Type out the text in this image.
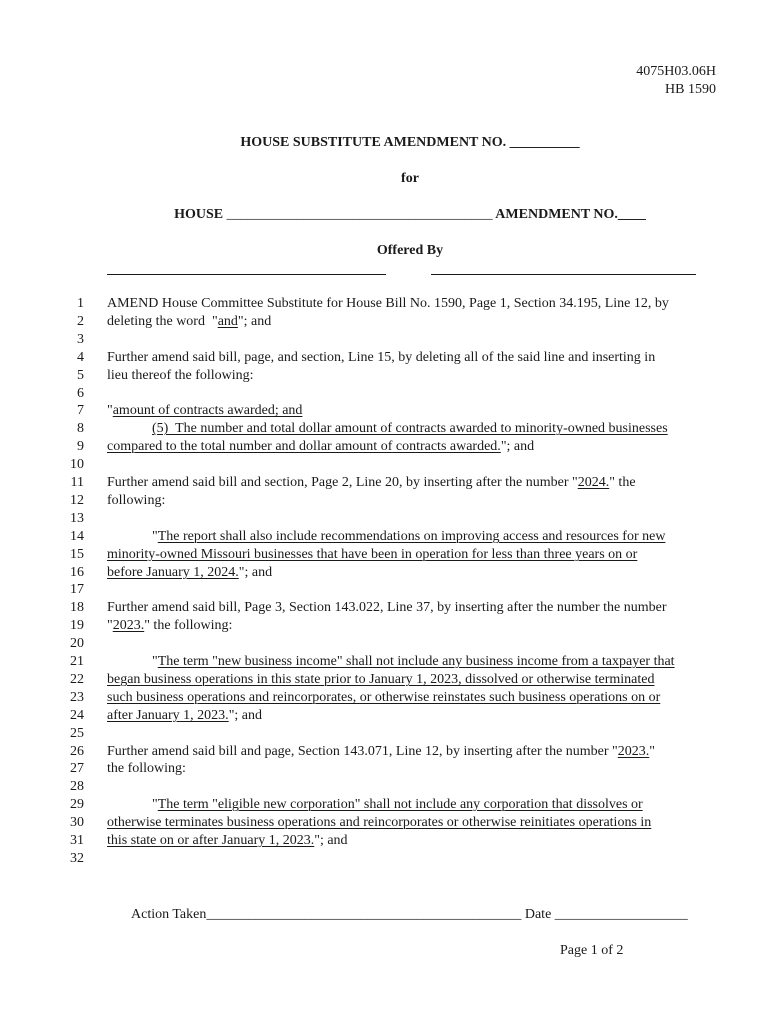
4075H03.06H
HB 1590
HOUSE SUBSTITUTE AMENDMENT NO. __________
for
HOUSE ______________________________________ AMENDMENT NO.____
Offered By
1 AMEND House Committee Substitute for House Bill No. 1590, Page 1, Section 34.195, Line 12, by
2 deleting the word  "and"; and
3
4 Further amend said bill, page, and section, Line 15, by deleting all of the said line and inserting in
5 lieu thereof the following:
6
7 "amount of contracts awarded; and
8	(5)  The number and total dollar amount of contracts awarded to minority-owned businesses
9 compared to the total number and dollar amount of contracts awarded."; and
10
11 Further amend said bill and section, Page 2, Line 20, by inserting after the number "2024." the
12 following:
13
14	"The report shall also include recommendations on improving access and resources for new
15 minority-owned Missouri businesses that have been in operation for less than three years on or
16 before January 1, 2024."; and
17
18 Further amend said bill, Page 3, Section 143.022, Line 37, by inserting after the number the number
19 "2023." the following:
20
21	"The term "new business income" shall not include any business income from a taxpayer that
22 began business operations in this state prior to January 1, 2023, dissolved or otherwise terminated
23 such business operations and reincorporates, or otherwise reinstates such business operations on or
24 after January 1, 2023."; and
25
26 Further amend said bill and page, Section 143.071, Line 12, by inserting after the number "2023."
27 the following:
28
29	"The term "eligible new corporation" shall not include any corporation that dissolves or
30 otherwise terminates business operations and reincorporates or otherwise reinitiates operations in
31 this state on or after January 1, 2023."; and
32
Action Taken_____________________________________________ Date ___________________
Page 1 of 2
